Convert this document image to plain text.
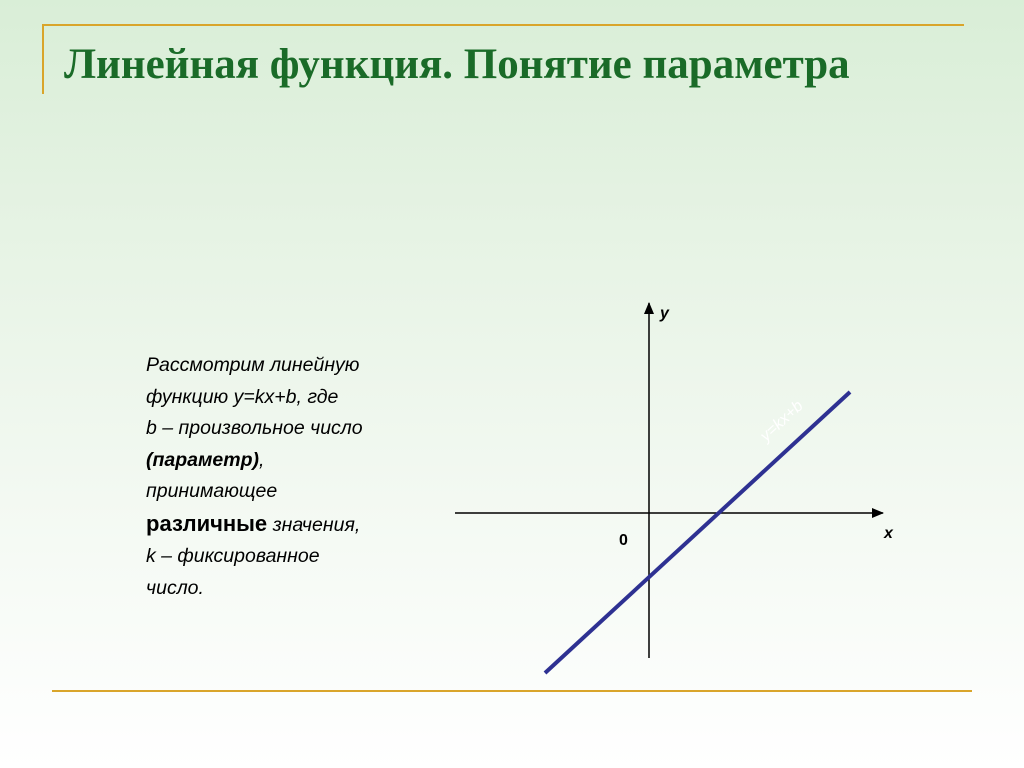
Линейная функция. Понятие параметра
Рассмотрим линейную
функцию y=kx+b, где
b – произвольное число
(параметр),
принимающее
различные значения,
k – фиксированное
число.
y
x
0
y=kx+b
